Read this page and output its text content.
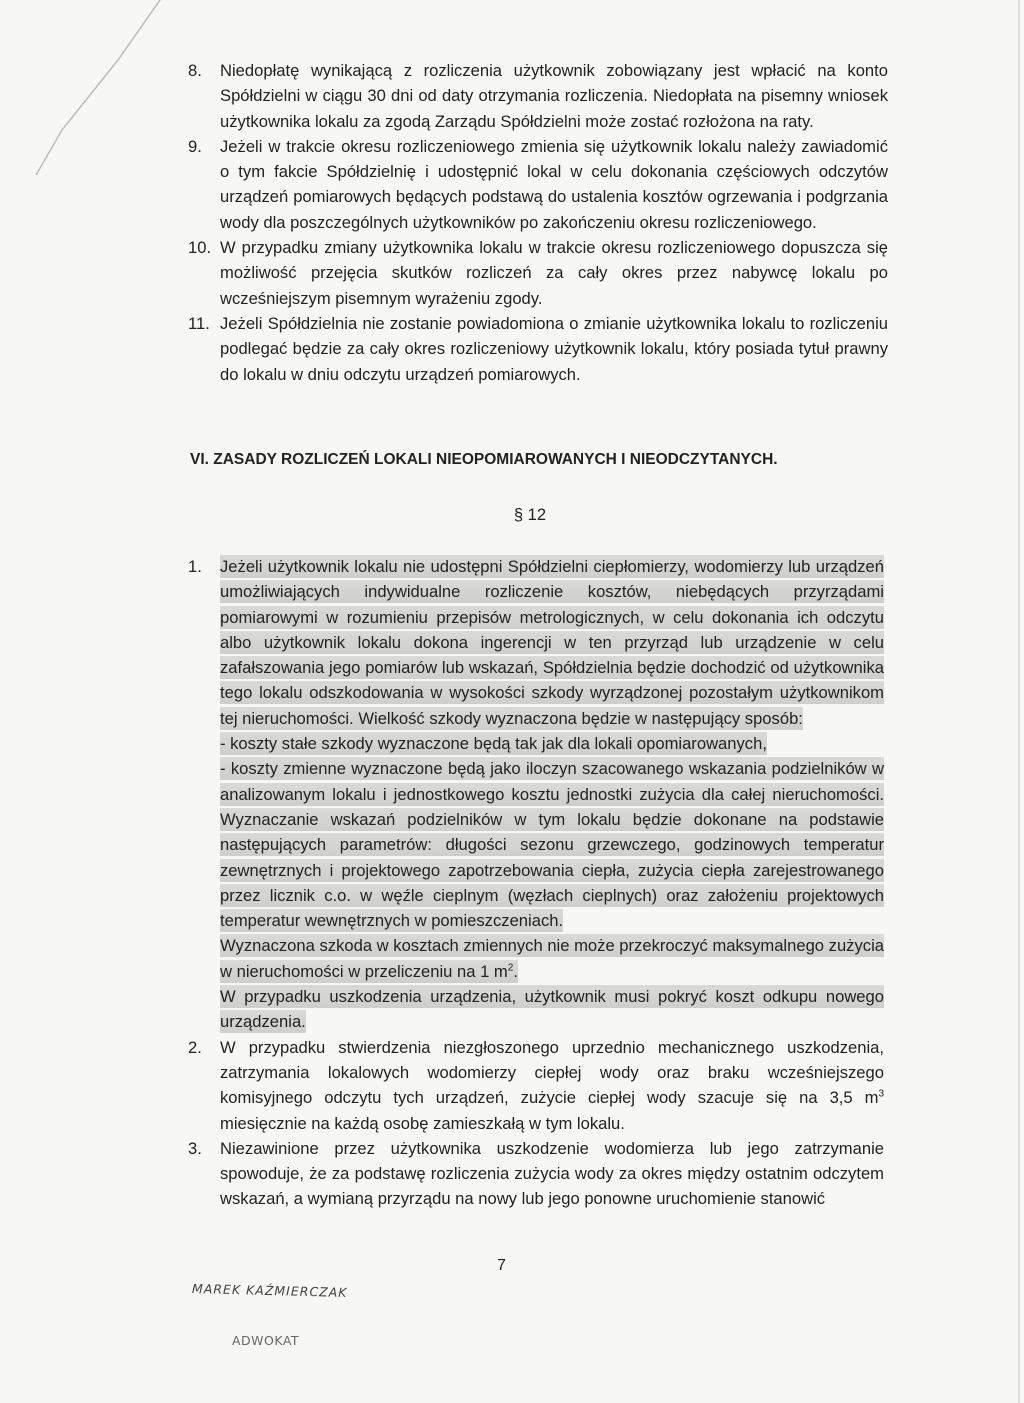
8.	Niedopłatę wynikającą z rozliczenia użytkownik zobowiązany jest wpłacić na konto Spółdzielni w ciągu 30 dni od daty otrzymania rozliczenia. Niedopłata na pisemny wniosek użytkownika lokalu za zgodą Zarządu Spółdzielni może zostać rozłożona na raty.
9.	Jeżeli w trakcie okresu rozliczeniowego zmienia się użytkownik lokalu należy zawiadomić o tym fakcie Spółdzielnię i udostępnić lokal w celu dokonania częściowych odczytów urządzeń pomiarowych będących podstawą do ustalenia kosztów ogrzewania i podgrzania wody dla poszczególnych użytkowników po zakończeniu okresu rozliczeniowego.
10. W przypadku zmiany użytkownika lokalu w trakcie okresu rozliczeniowego dopuszcza się możliwość przejęcia skutków rozliczeń za cały okres przez nabywcę lokalu po wcześniejszym pisemnym wyrażeniu zgody.
11. Jeżeli Spółdzielnia nie zostanie powiadomiona o zmianie użytkownika lokalu to rozliczeniu podlegać będzie za cały okres rozliczeniowy użytkownik lokalu, który posiada tytuł prawny do lokalu w dniu odczytu urządzeń pomiarowych.
VI. ZASADY ROZLICZEŃ LOKALI NIEOPOMIAROWANYCH I NIEODCZYTANYCH.
§ 12
1.	Jeżeli użytkownik lokalu nie udostępni Spółdzielni ciepłomierzy, wodomierzy lub urządzeń umożliwiających indywidualne rozliczenie kosztów, niebędących przyrządami pomiarowymi w rozumieniu przepisów metrologicznych, w celu dokonania ich odczytu albo użytkownik lokalu dokona ingerencji w ten przyrząd lub urządzenie w celu zafałszowania jego pomiarów lub wskazań, Spółdzielnia będzie dochodzić od użytkownika tego lokalu odszkodowania w wysokości szkody wyrządzonej pozostałym użytkownikom tej nieruchomości. Wielkość szkody wyznaczona będzie w następujący sposób:
- koszty stałe szkody wyznaczone będą tak jak dla lokali opomiarowanych,
- koszty zmienne wyznaczone będą jako iloczyn szacowanego wskazania podzielników w analizowanym lokalu i jednostkowego kosztu jednostki zużycia dla całej nieruchomości. Wyznaczanie wskazań podzielników w tym lokalu będzie dokonane na podstawie następujących parametrów: długości sezonu grzewczego, godzinowych temperatur zewnętrznych i projektowego zapotrzebowania ciepła, zużycia ciepła zarejestrowanego przez licznik c.o. w węźle cieplnym (węzłach cieplnych) oraz założeniu projektowych temperatur wewnętrznych w pomieszczeniach.
Wyznaczona szkoda w kosztach zmiennych nie może przekroczyć maksymalnego zużycia w nieruchomości w przeliczeniu na 1 $m^2$.
W przypadku uszkodzenia urządzenia, użytkownik musi pokryć koszt odkupu nowego urządzenia.
2.	W przypadku stwierdzenia niezgłoszonego uprzednio mechanicznego uszkodzenia, zatrzymania lokalowych wodomierzy ciepłej wody oraz braku wcześniejszego komisyjnego odczytu tych urządzeń, zużycie ciepłej wody szacuje się na 3,5 $m^3$ miesięcznie na każdą osobę zamieszkałą w tym lokalu.
3.	Niezawinione przez użytkownika uszkodzenie wodomierza lub jego zatrzymanie spowoduje, że za podstawę rozliczenia zużycia wody za okres między ostatnim odczytem wskazań, a wymianą przyrządu na nowy lub jego ponowne uruchomienie stanowić
7
MAREK KAŹMIERCZAK
ADWOKAT
